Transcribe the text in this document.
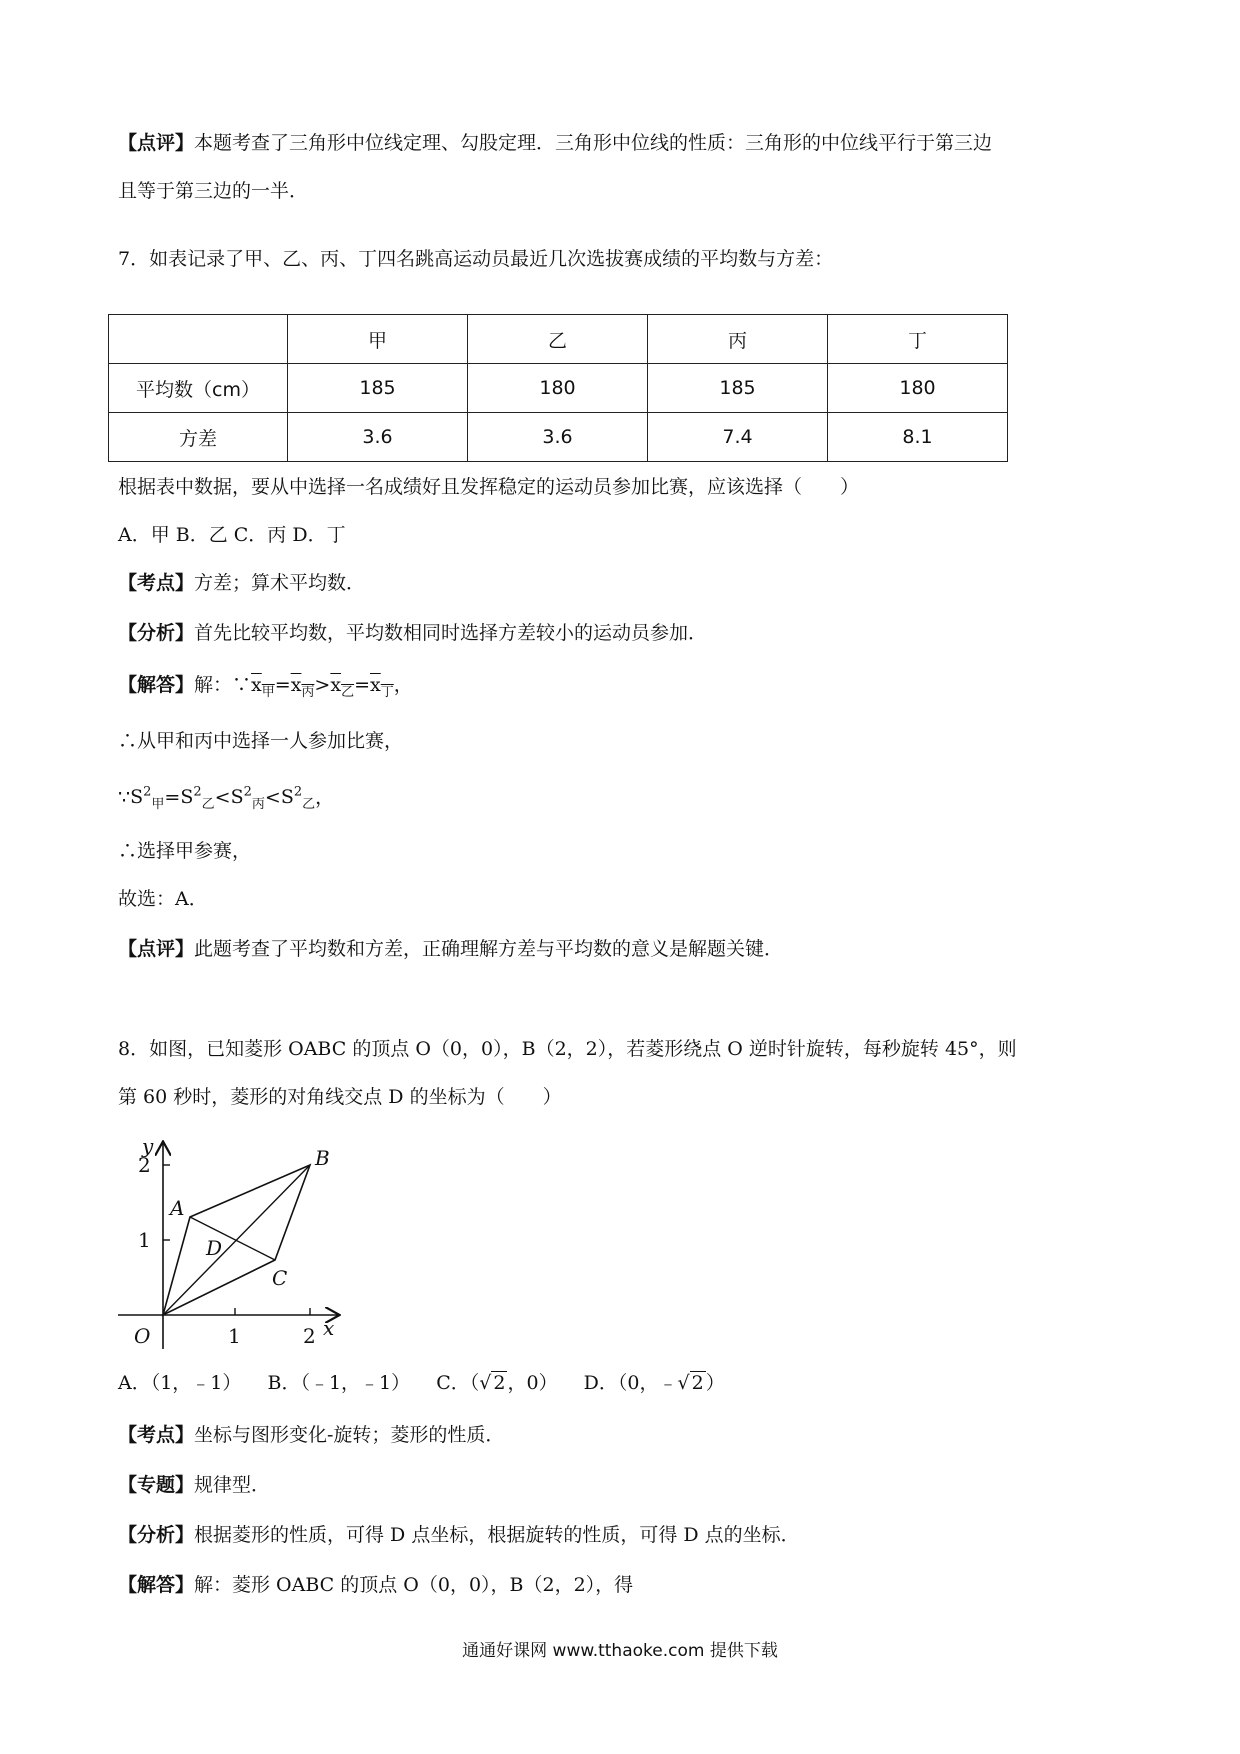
【点评】本题考查了三角形中位线定理、勾股定理．三角形中位线的性质：三角形的中位线平行于第三边
且等于第三边的一半．
7．如表记录了甲、乙、丙、丁四名跳高运动员最近几次选拔赛成绩的平均数与方差：
	甲	乙	丙	丁
平均数（cm）	185	180	185	180
方差	3.6	3.6	7.4	8.1
根据表中数据，要从中选择一名成绩好且发挥稳定的运动员参加比赛，应该选择（　　）
A．甲 B．乙 C．丙 D．丁
【考点】方差；算术平均数．
【分析】首先比较平均数，平均数相同时选择方差较小的运动员参加．
【解答】解：$\because x_甲=x_丙>x_乙=x_丁$，
∴从甲和丙中选择一人参加比赛，
$\because S^2_甲=S^2_乙<S^2_丙<S^2_乙$，
∴选择甲参赛，
故选：A．
【点评】此题考查了平均数和方差，正确理解方差与平均数的意义是解题关键．
8．如图，已知菱形 OABC 的顶点 O（0，0），B（2，2），若菱形绕点 O 逆时针旋转，每秒旋转 45°，则
第 60 秒时，菱形的对角线交点 D 的坐标为（　　）
y
x
O
1
2
1	2
A
B
C
D
A．（1，﹣1） B．（﹣1，﹣1） C．（√ 2 ，0） D．（0，﹣√ 2 ）
【考点】坐标与图形变化-旋转；菱形的性质．
【专题】规律型．
【分析】根据菱形的性质，可得 D 点坐标，根据旋转的性质，可得 D 点的坐标．
【解答】解：菱形 OABC 的顶点 O（0，0），B（2，2），得
通通好课网 www.tthaoke.com 提供下载
